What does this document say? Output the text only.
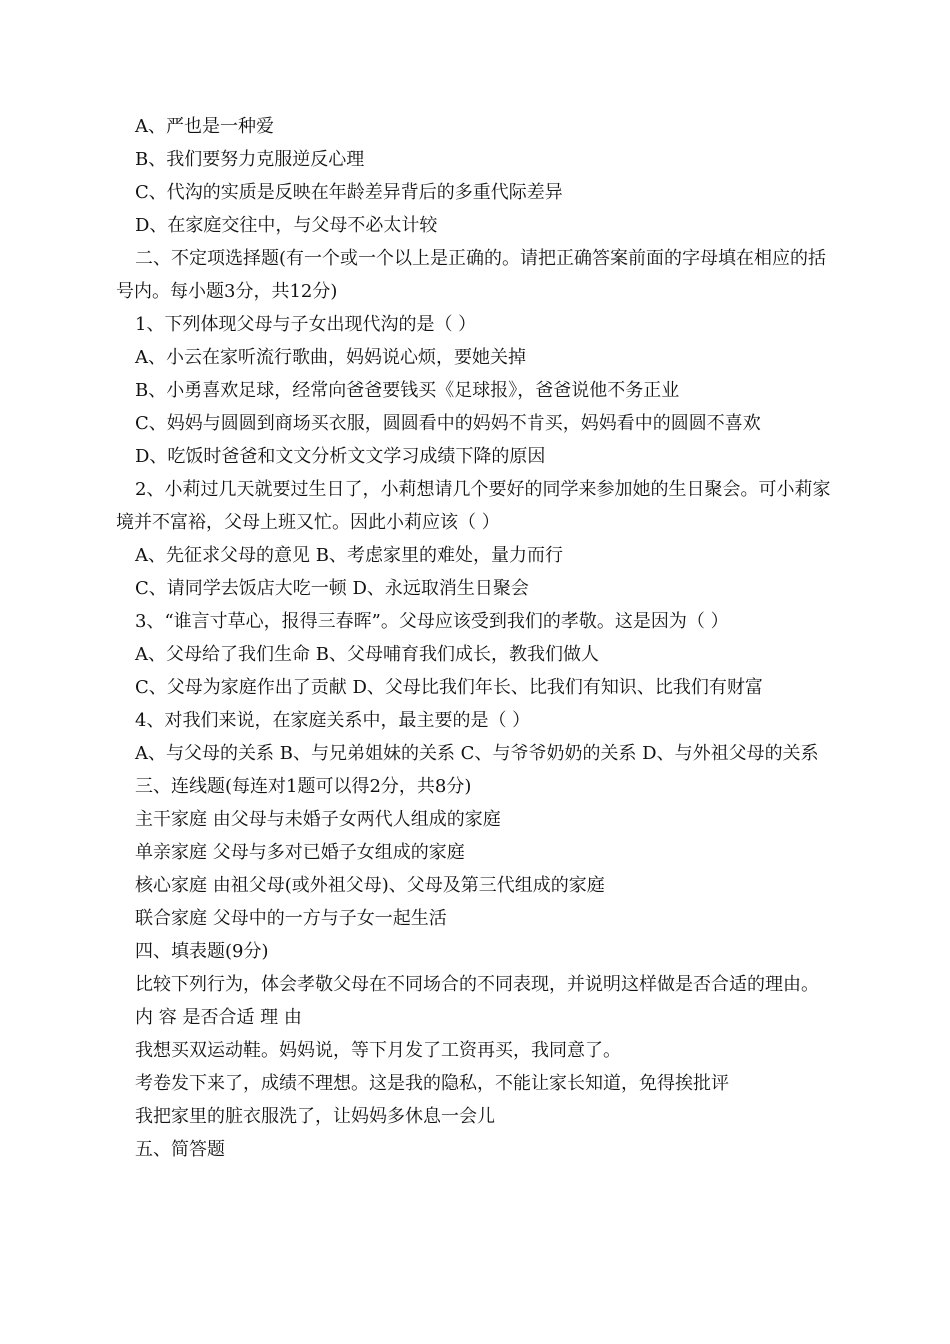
A、严也是一种爱
B、我们要努力克服逆反心理
C、代沟的实质是反映在年龄差异背后的多重代际差异
D、在家庭交往中，与父母不必太计较
二、不定项选择题(有一个或一个以上是正确的。请把正确答案前面的字母填在相应的括号内。每小题3分，共12分)
1、下列体现父母与子女出现代沟的是（ ）
A、小云在家听流行歌曲，妈妈说心烦，要她关掉
B、小勇喜欢足球，经常向爸爸要钱买《足球报》，爸爸说他不务正业
C、妈妈与圆圆到商场买衣服，圆圆看中的妈妈不肯买，妈妈看中的圆圆不喜欢
D、吃饭时爸爸和文文分析文文学习成绩下降的原因
2、小莉过几天就要过生日了，小莉想请几个要好的同学来参加她的生日聚会。可小莉家境并不富裕，父母上班又忙。因此小莉应该（ ）
A、先征求父母的意见 B、考虑家里的难处，量力而行
C、请同学去饭店大吃一顿 D、永远取消生日聚会
3、“谁言寸草心，报得三春晖”。父母应该受到我们的孝敬。这是因为（ ）
A、父母给了我们生命 B、父母哺育我们成长，教我们做人
C、父母为家庭作出了贡献 D、父母比我们年长、比我们有知识、比我们有财富
4、对我们来说，在家庭关系中，最主要的是（ ）
A、与父母的关系 B、与兄弟姐妹的关系 C、与爷爷奶奶的关系 D、与外祖父母的关系
三、连线题(每连对1题可以得2分，共8分)
主干家庭 由父母与未婚子女两代人组成的家庭
单亲家庭 父母与多对已婚子女组成的家庭
核心家庭 由祖父母(或外祖父母)、父母及第三代组成的家庭
联合家庭 父母中的一方与子女一起生活
四、填表题(9分)
比较下列行为，体会孝敬父母在不同场合的不同表现，并说明这样做是否合适的理由。
内 容 是否合适 理 由
我想买双运动鞋。妈妈说，等下月发了工资再买，我同意了。
考卷发下来了，成绩不理想。这是我的隐私，不能让家长知道，免得挨批评
我把家里的脏衣服洗了，让妈妈多休息一会儿
五、简答题
